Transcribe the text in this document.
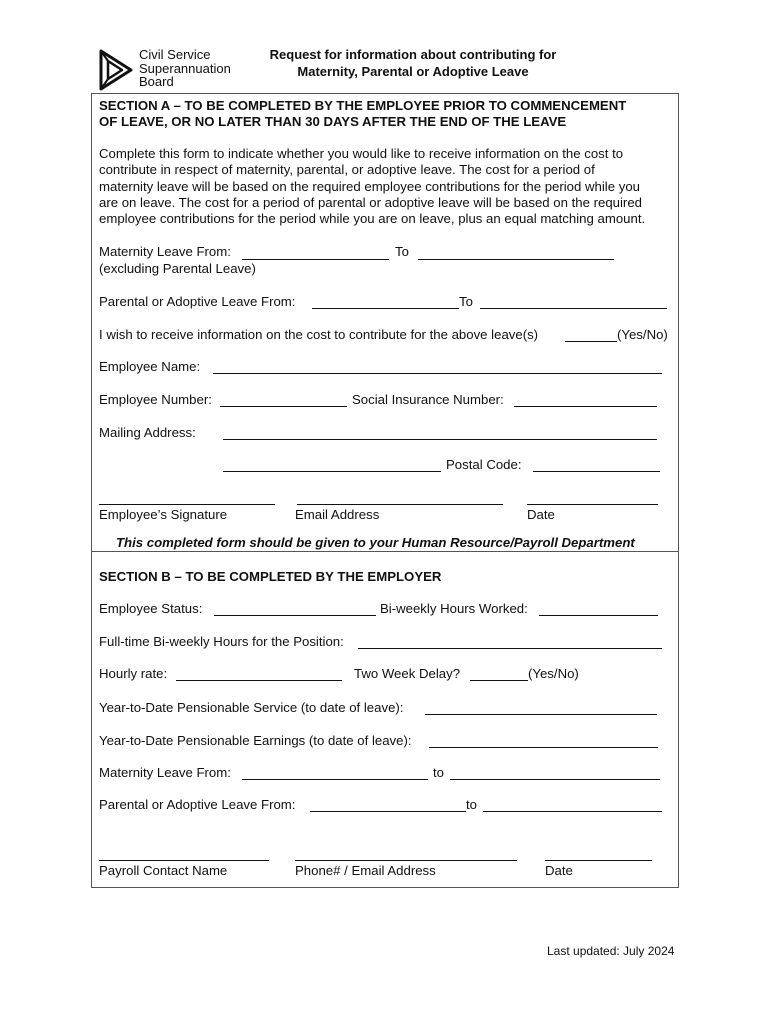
Civil Service
Superannuation
Board
Request for information about contributing for
Maternity, Parental or Adoptive Leave
SECTION A – TO BE COMPLETED BY THE EMPLOYEE PRIOR TO COMMENCEMENT
OF LEAVE, OR NO LATER THAN 30 DAYS AFTER THE END OF THE LEAVE
Complete this form to indicate whether you would like to receive information on the cost to
contribute in respect of maternity, parental, or adoptive leave. The cost for a period of
maternity leave will be based on the required employee contributions for the period while you
are on leave. The cost for a period of parental or adoptive leave will be based on the required
employee contributions for the period while you are on leave, plus an equal matching amount.
Maternity Leave From:	To
(excluding Parental Leave)
Parental or Adoptive Leave From:	To
I wish to receive information on the cost to contribute for the above leave(s)	(Yes/No)
Employee Name:
Employee Number:	Social Insurance Number:
Mailing Address:
Postal Code:
Employee’s Signature	Email Address	Date
This completed form should be given to your Human Resource/Payroll Department
SECTION B – TO BE COMPLETED BY THE EMPLOYER
Employee Status:	Bi-weekly Hours Worked:
Full-time Bi-weekly Hours for the Position:
Hourly rate:	Two Week Delay?	(Yes/No)
Year-to-Date Pensionable Service (to date of leave):
Year-to-Date Pensionable Earnings (to date of leave):
Maternity Leave From:	to
Parental or Adoptive Leave From:	to
Payroll Contact Name	Phone# / Email Address	Date
Last updated: July 2024
